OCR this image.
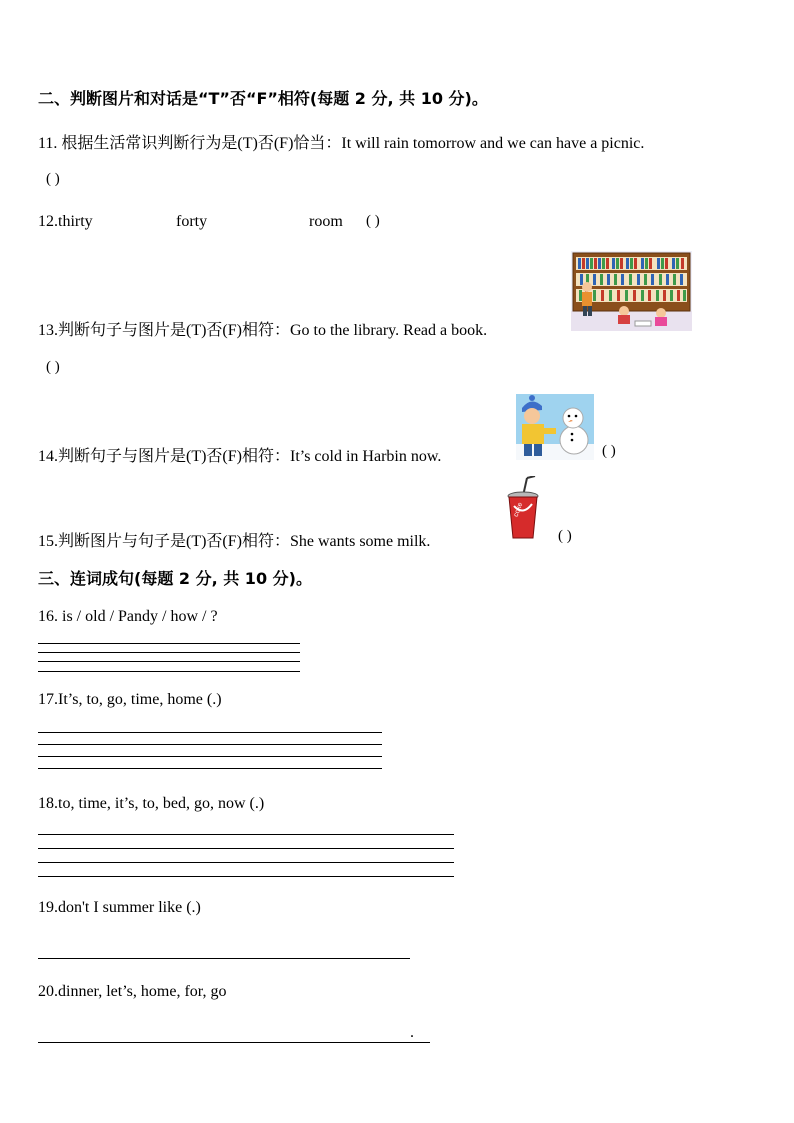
二、判断图片和对话是“T”否“F”相符(每题 2 分, 共 10 分)。
11. 根据生活常识判断行为是(T)否(F)恰当：It will rain tomorrow and we can have a picnic.
( )
12.thirty	forty	room ( )
13.判断句子与图片是(T)否(F)相符：Go to the library. Read a book.
( )
14.判断句子与图片是(T)否(F)相符：It’s cold in Harbin now.	( )
15.判断图片与句子是(T)否(F)相符：She wants some milk.
coke
( )
三、连词成句(每题 2 分, 共 10 分)。
16. is / old / Pandy / how / ?
17.It’s, to, go, time, home (.)
18.to, time, it’s, to, bed, go, now (.)
19.don't I summer like (.)
20.dinner, let’s, home, for, go
.
